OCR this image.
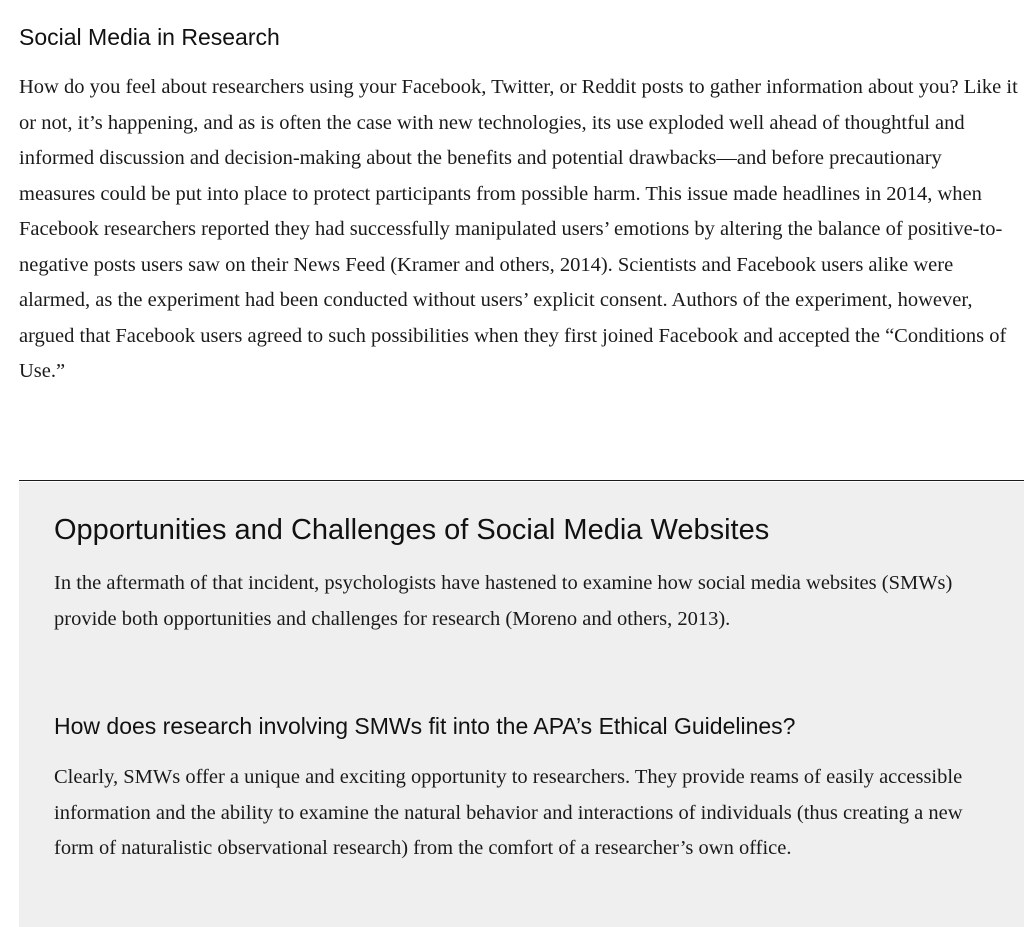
Social Media in Research

How do you feel about researchers using your Facebook, Twitter, or Reddit posts to gather information about you? Like it or not, it’s happening, and as is often the case with new technologies, its use exploded well ahead of thoughtful and informed discussion and decision-making about the benefits and potential drawbacks—and before precautionary measures could be put into place to protect participants from possible harm. This issue made headlines in 2014, when Facebook researchers reported they had successfully manipulated users’ emotions by altering the balance of positive-to-negative posts users saw on their News Feed (Kramer and others, 2014). Scientists and Facebook users alike were alarmed, as the experiment had been conducted without users’ explicit consent. Authors of the experiment, however, argued that Facebook users agreed to such possibilities when they first joined Facebook and accepted the “Conditions of Use.”

Opportunities and Challenges of Social Media Websites

In the aftermath of that incident, psychologists have hastened to examine how social media websites (SMWs) provide both opportunities and challenges for research (Moreno and others, 2013).

How does research involving SMWs fit into the APA’s Ethical Guidelines?

Clearly, SMWs offer a unique and exciting opportunity to researchers. They provide reams of easily accessible information and the ability to examine the natural behavior and interactions of individuals (thus creating a new form of naturalistic observational research) from the comfort of a researcher’s own office.
